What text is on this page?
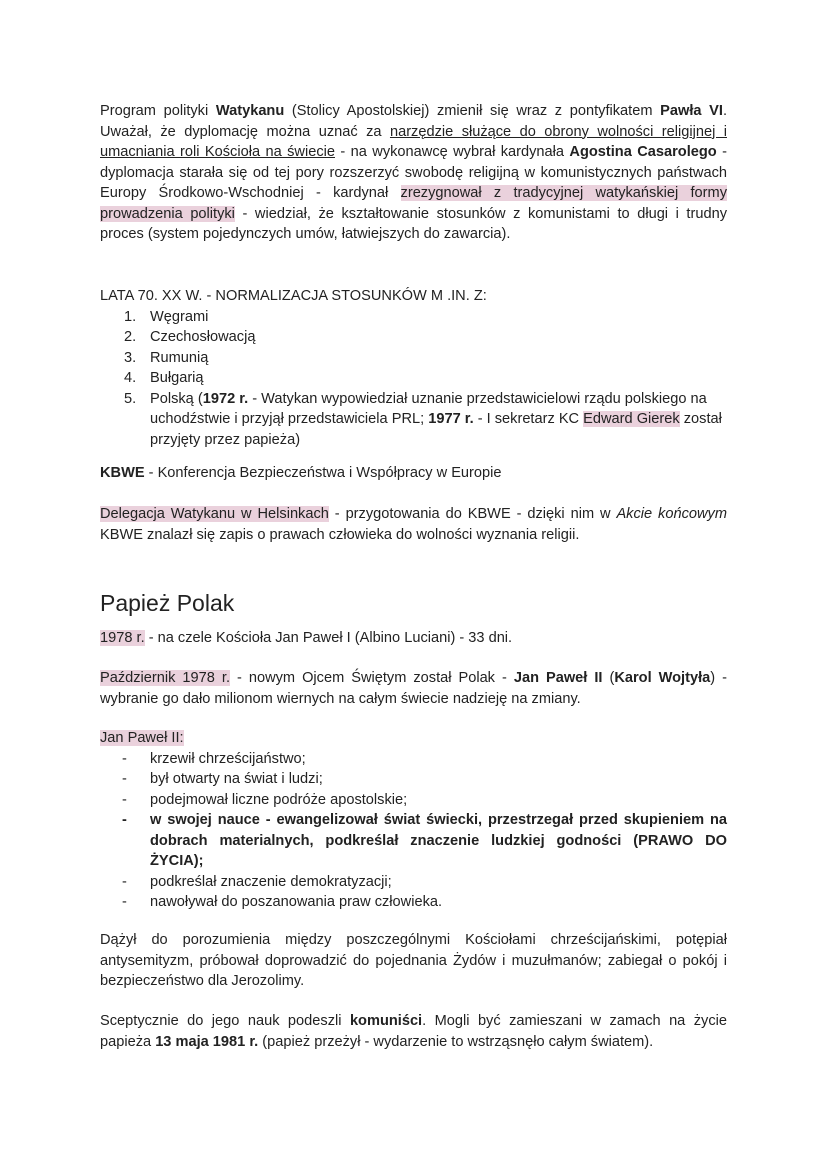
Program polityki Watykanu (Stolicy Apostolskiej) zmienił się wraz z pontyfikatem Pawła VI. Uważał, że dyplomację można uznać za narzędzie służące do obrony wolności religijnej i umacniania roli Kościoła na świecie - na wykonawcę wybrał kardynała Agostina Casarolego - dyplomacja starała się od tej pory rozszerzyć swobodę religijną w komunistycznych państwach Europy Środkowo-Wschodniej - kardynał zrezygnował z tradycyjnej watykańskiej formy prowadzenia polityki - wiedział, że kształtowanie stosunków z komunistami to długi i trudny proces (system pojedynczych umów, łatwiejszych do zawarcia).
LATA 70. XX W. - NORMALIZACJA STOSUNKÓW M .IN. Z:
1. Węgrami
2. Czechosłowacją
3. Rumunią
4. Bułgarią
5. Polską (1972 r. - Watykan wypowiedział uznanie przedstawicielowi rządu polskiego na uchodźstwie i przyjął przedstawiciela PRL; 1977 r. - I sekretarz KC Edward Gierek został przyjęty przez papieża)
KBWE - Konferencja Bezpieczeństwa i Współpracy w Europie
Delegacja Watykanu w Helsinkach - przygotowania do KBWE - dzięki nim w Akcie końcowym KBWE znalazł się zapis o prawach człowieka do wolności wyznania religii.
Papież Polak
1978 r. - na czele Kościoła Jan Paweł I (Albino Luciani) - 33 dni.
Październik 1978 r. - nowym Ojcem Świętym został Polak - Jan Paweł II (Karol Wojtyła) - wybranie go dało milionom wiernych na całym świecie nadzieję na zmiany.
Jan Paweł II:
- krzewił chrześcijaństwo;
- był otwarty na świat i ludzi;
- podejmował liczne podróże apostolskie;
- w swojej nauce - ewangelizował świat świecki, przestrzegał przed skupieniem na dobrach materialnych, podkreślał znaczenie ludzkiej godności (PRAWO DO ŻYCIA);
- podkreślał znaczenie demokratyzacji;
- nawoływał do poszanowania praw człowieka.
Dążył do porozumienia między poszczególnymi Kościołami chrześcijańskimi, potępiał antysemityzm, próbował doprowadzić do pojednania Żydów i muzułmanów; zabiegał o pokój i bezpieczeństwo dla Jerozolimy.
Sceptycznie do jego nauk podeszli komuniści. Mogli być zamieszani w zamach na życie papieża 13 maja 1981 r. (papież przeżył - wydarzenie to wstrząsnęło całym światem).
